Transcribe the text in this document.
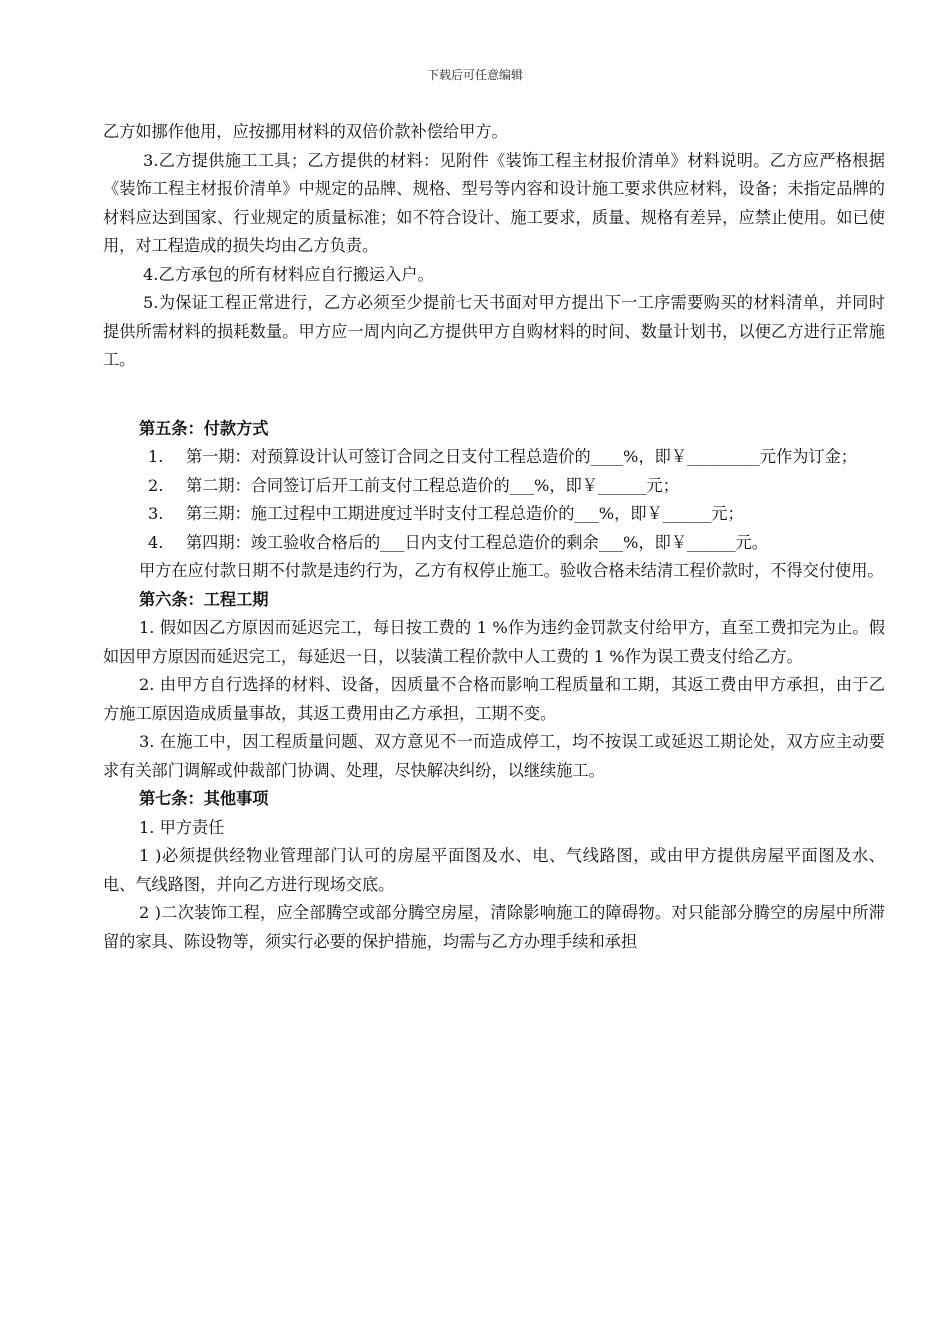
下载后可任意编辑

乙方如挪作他用，应按挪用材料的双倍价款补偿给甲方。

3.乙方提供施工工具；乙方提供的材料：见附件《装饰工程主材报价清单》材料说明。乙方应严格根据《装饰工程主材报价清单》中规定的品牌、规格、型号等内容和设计施工要求供应材料，设备；未指定品牌的材料应达到国家、行业规定的质量标准；如不符合设计、施工要求，质量、规格有差异，应禁止使用。如已使用，对工程造成的损失均由乙方负责。

4.乙方承包的所有材料应自行搬运入户。

5.为保证工程正常进行，乙方必须至少提前七天书面对甲方提出下一工序需要购买的材料清单，并同时提供所需材料的损耗数量。甲方应一周内向乙方提供甲方自购材料的时间、数量计划书，以便乙方进行正常施工。

第五条：付款方式

1. 第一期：对预算设计认可签订合同之日支付工程总造价的____%，即￥_________元作为订金；

2. 第二期：合同签订后开工前支付工程总造价的___%，即￥______元；

3. 第三期：施工过程中工期进度过半时支付工程总造价的___%，即￥______元；

4. 第四期：竣工验收合格后的___日内支付工程总造价的剩余___%，即￥______元。

甲方在应付款日期不付款是违约行为，乙方有权停止施工。验收合格未结清工程价款时，不得交付使用。

第六条：工程工期

1. 假如因乙方原因而延迟完工，每日按工费的 1 %作为违约金罚款支付给甲方，直至工费扣完为止。假如因甲方原因而延迟完工，每延迟一日，以装潢工程价款中人工费的 1 %作为误工费支付给乙方。

2. 由甲方自行选择的材料、设备，因质量不合格而影响工程质量和工期，其返工费由甲方承担，由于乙方施工原因造成质量事故，其返工费用由乙方承担，工期不变。

3. 在施工中，因工程质量问题、双方意见不一而造成停工，均不按误工或延迟工期论处，双方应主动要求有关部门调解或仲裁部门协调、处理，尽快解决纠纷，以继续施工。

第七条：其他事项

1. 甲方责任

1 )必须提供经物业管理部门认可的房屋平面图及水、电、气线路图，或由甲方提供房屋平面图及水、电、气线路图，并向乙方进行现场交底。

2 )二次装饰工程，应全部腾空或部分腾空房屋，清除影响施工的障碍物。对只能部分腾空的房屋中所滞留的家具、陈设物等，须实行必要的保护措施，均需与乙方办理手续和承担
